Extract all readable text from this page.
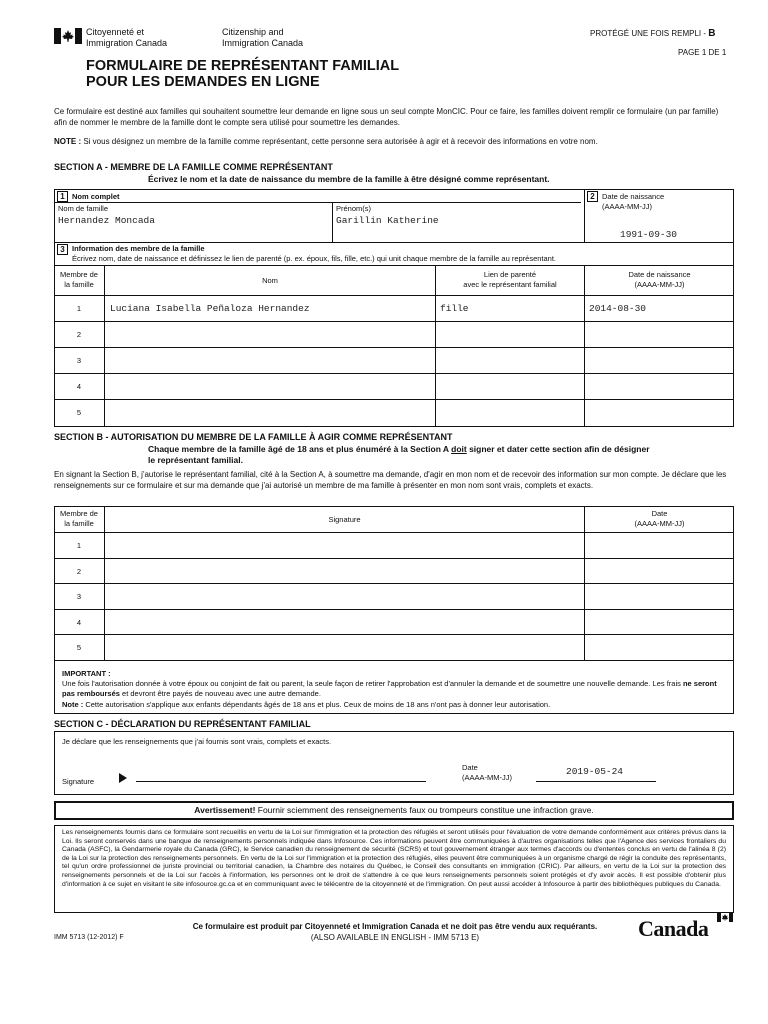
Citoyenneté et
Immigration Canada
Citizenship and
Immigration Canada
PROTÉGÉ UNE FOIS REMPLI - B
PAGE 1 DE 1
FORMULAIRE DE REPRÉSENTANT FAMILIAL
POUR LES DEMANDES EN LIGNE
Ce formulaire est destiné aux familles qui souhaitent soumettre leur demande en ligne sous un seul compte MonCIC. Pour ce faire, les familles doivent remplir ce formulaire (un par famille) afin de nommer le membre de la famille dont le compte sera utilisé pour soumettre les demandes.
NOTE : Si vous désignez un membre de la famille comme représentant, cette personne sera autorisée à agir et à recevoir des informations en votre nom.
SECTION A - MEMBRE DE LA FAMILLE COMME REPRÉSENTANT
Écrivez le nom et la date de naissance du membre de la famille à être désigné comme représentant.
1 Nom complet	2 Date de naissance
(AAAA-MM-JJ)
Nom de famille
Hernandez Moncada
Prénom(s)
Garillin Katherine
1991-09-30
3 Information des membre de la famille
Écrivez nom, date de naissance et définissez le lien de parenté (p. ex. époux, fils, fille, etc.) qui unit chaque membre de la famille au représentant.
Membre de
la famille	Nom
Lien de parenté
avec le représentant familial
Date de naissance
(AAAA-MM-JJ)
1	Luciana Isabella Peñaloza Hernandez	fille	2014-08-30
2
3
4
5
SECTION B - AUTORISATION DU MEMBRE DE LA FAMILLE À AGIR COMME REPRÉSENTANT
Chaque membre de la famille âgé de 18 ans et plus énuméré à la Section A doit signer et dater cette section afin de désigner
le représentant familial.
En signant la Section B, j'autorise le représentant familial, cité à la Section A, à soumettre ma demande, d'agir en mon nom et de recevoir des information sur mon compte. Je déclare que les renseignements sur ce formulaire et sur ma demande que j'ai autorisé un membre de ma famille à présenter en mon nom sont vrais, complets et exacts.
Membre de
la famille	Signature
Date
(AAAA-MM-JJ)
1
2
3
4
5
IMPORTANT :
Une fois l'autorisation donnée à votre époux ou conjoint de fait ou parent, la seule façon de retirer l'approbation est d'annuler la demande et de soumettre une nouvelle demande. Les frais ne seront pas remboursés et devront être payés de nouveau avec une autre demande.
Note : Cette autorisation s'applique aux enfants dépendants âgés de 18 ans et plus. Ceux de moins de 18 ans n'ont pas à donner leur autorisation.
SECTION C - DÉCLARATION DU REPRÉSENTANT FAMILIAL
Je déclare que les renseignements que j'ai fournis sont vrais, complets et exacts.
Signature
Date
(AAAA-MM-JJ)
2019-05-24
Avertissement! Fournir sciemment des renseignements faux ou trompeurs constitue une infraction grave.
Les renseignements fournis dans ce formulaire sont recueillis en vertu de la Loi sur l'immigration et la protection des réfugiés et seront utilisés pour l'évaluation de votre demande conformément aux critères prévus dans la Loi. Ils seront conservés dans une banque de renseignements personnels indiquée dans Infosource. Ces informations peuvent être communiquées à d'autres organisations telles que l'Agence des services frontaliers du Canada (ASFC), la Gendarmerie royale du Canada (GRC), le Service canadien du renseignement de sécurité (SCRS) et tout gouvernement étranger aux termes d'accords ou d'ententes conclus en vertu de l'alinéa 8 (2) de la Loi sur la protection des renseignements personnels. En vertu de la Loi sur l'immigration et la protection des réfugiés, elles peuvent être communiquées à un organisme chargé de régir la conduite des représentants, tel qu'un ordre professionnel de juriste provincial ou territorial canadien, la Chambre des notaires du Québec, le Conseil des consultants en immigration (CRIC). Par ailleurs, en vertu de la Loi sur la protection des renseignements personnels et de la Loi sur l'accès à l'information, les personnes ont le droit de s'attendre à ce que leurs renseignements personnels soient protégés et d'y avoir accès. Il est possible d'obtenir plus d'information à ce sujet en visitant le site infosource.gc.ca et en communiquant avec le télécentre de la citoyenneté et de l'immigration. On peut aussi accéder à Infosource à partir des bibliothèques publiques du Canada.
IMM 5713 (12-2012) F
Ce formulaire est produit par Citoyenneté et Immigration Canada et ne doit pas être vendu aux requérants.
(ALSO AVAILABLE IN ENGLISH - IMM 5713 E)	Canada
